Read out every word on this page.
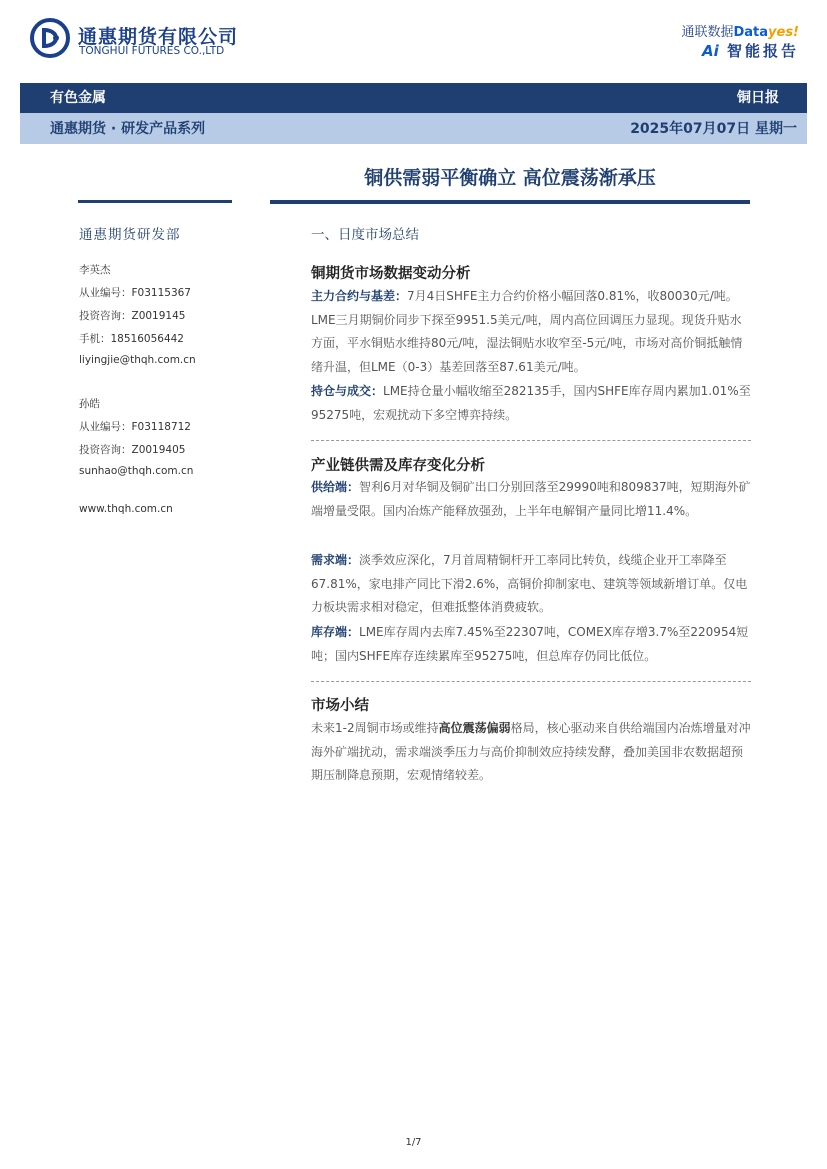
通惠期货有限公司
TONGHUI FUTURES CO.,LTD
通联数据Datayes!
Ai 智能报告
有色金属	铜日报
通惠期货 · 研发产品系列	2025年07月07日 星期一
铜供需弱平衡确立 高位震荡渐承压
通惠期货研发部
李英杰
从业编号：F03115367
投资咨询：Z0019145
手机：18516056442
liyingjie@thqh.com.cn
孙皓
从业编号：F03118712
投资咨询：Z0019405
sunhao@thqh.com.cn
www.thqh.com.cn
一、日度市场总结
铜期货市场数据变动分析
主力合约与基差：7月4日SHFE主力合约价格小幅回落0.81%，收80030元/吨。LME三月期铜价同步下探至9951.5美元/吨，周内高位回调压力显现。现货升贴水方面，平水铜贴水维持80元/吨，湿法铜贴水收窄至-5元/吨，市场对高价铜抵触情绪升温，但LME（0-3）基差回落至87.61美元/吨。
持仓与成交：LME持仓量小幅收缩至282135手，国内SHFE库存周内累加1.01%至95275吨，宏观扰动下多空博弈持续。
产业链供需及库存变化分析
供给端：智利6月对华铜及铜矿出口分别回落至29990吨和809837吨，短期海外矿端增量受限。国内冶炼产能释放强劲，上半年电解铜产量同比增11.4%。
需求端：淡季效应深化，7月首周精铜杆开工率同比转负，线缆企业开工率降至67.81%，家电排产同比下滑2.6%，高铜价抑制家电、建筑等领域新增订单。仅电力板块需求相对稳定，但难抵整体消费疲软。
库存端：LME库存周内去库7.45%至22307吨，COMEX库存增3.7%至220954短吨；国内SHFE库存连续累库至95275吨，但总库存仍同比低位。
市场小结
未来1-2周铜市场或维持高位震荡偏弱格局，核心驱动来自供给端国内冶炼增量对冲海外矿端扰动，需求端淡季压力与高价抑制效应持续发酵，叠加美国非农数据超预期压制降息预期，宏观情绪较差。
1/7
